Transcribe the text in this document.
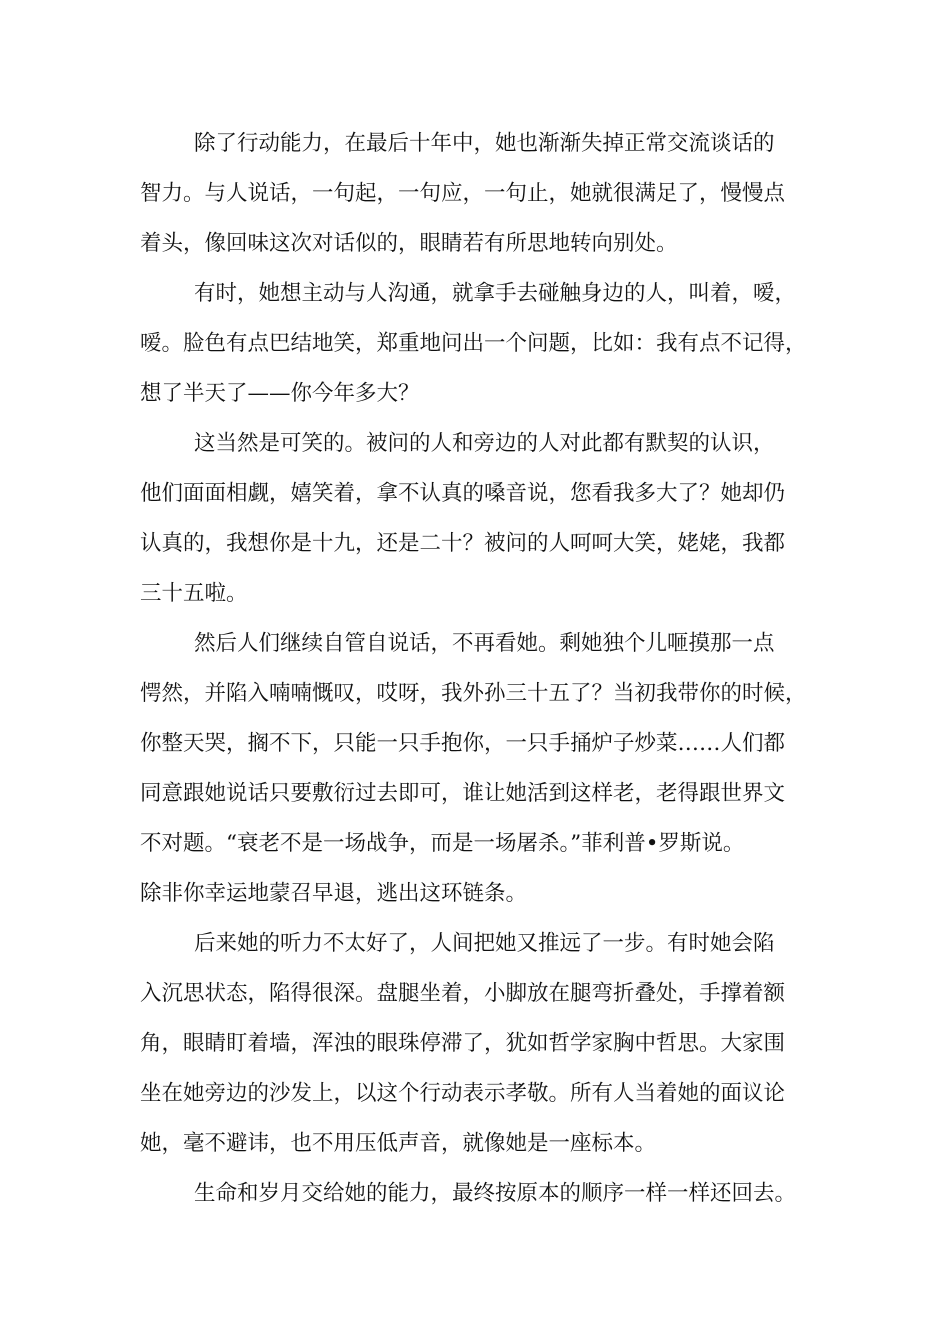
除了行动能力，在最后十年中，她也渐渐失掉正常交流谈话的
智力。与人说话，一句起，一句应，一句止，她就很满足了，慢慢点
着头，像回味这次对话似的，眼睛若有所思地转向别处。
有时，她想主动与人沟通，就拿手去碰触身边的人，叫着，嗳，
嗳。脸色有点巴结地笑，郑重地问出一个问题，比如：我有点不记得，
想了半天了——你今年多大？
这当然是可笑的。被问的人和旁边的人对此都有默契的认识，
他们面面相觑，嬉笑着，拿不认真的嗓音说，您看我多大了？她却仍
认真的，我想你是十九，还是二十？被问的人呵呵大笑，姥姥，我都
三十五啦。
然后人们继续自管自说话，不再看她。剩她独个儿咂摸那一点
愕然，并陷入喃喃慨叹，哎呀，我外孙三十五了？当初我带你的时候，
你整天哭，搁不下，只能一只手抱你，一只手捅炉子炒菜……人们都
同意跟她说话只要敷衍过去即可，谁让她活到这样老，老得跟世界文
不对题。“衰老不是一场战争，而是一场屠杀。”菲利普•罗斯说。
除非你幸运地蒙召早退，逃出这环链条。
后来她的听力不太好了，人间把她又推远了一步。有时她会陷
入沉思状态，陷得很深。盘腿坐着，小脚放在腿弯折叠处，手撑着额
角，眼睛盯着墙，浑浊的眼珠停滞了，犹如哲学家胸中哲思。大家围
坐在她旁边的沙发上，以这个行动表示孝敬。所有人当着她的面议论
她，毫不避讳，也不用压低声音，就像她是一座标本。
生命和岁月交给她的能力，最终按原本的顺序一样一样还回去。
